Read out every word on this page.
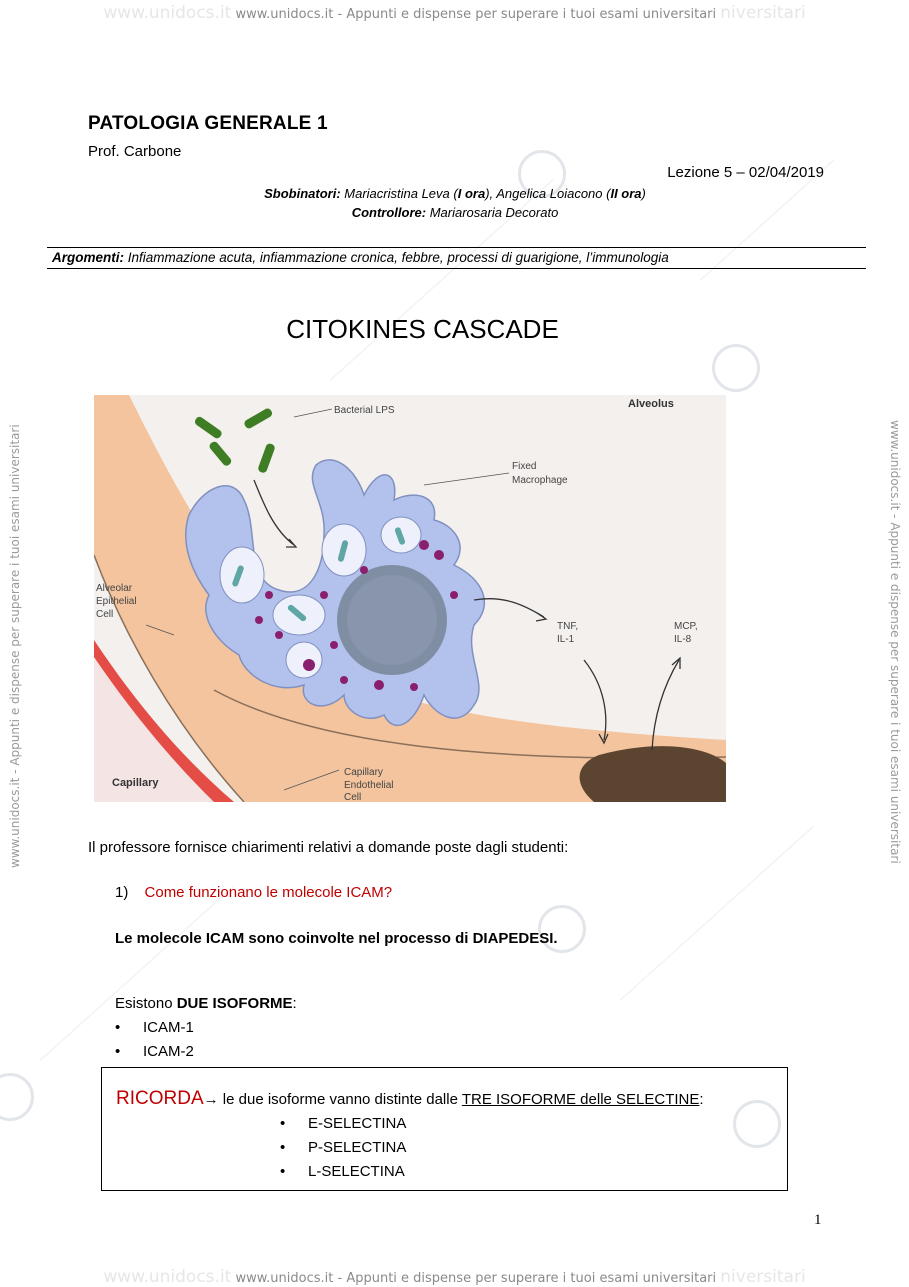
www.unidocs.it www.unidocs.it - Appunti e dispense per superare i tuoi esami universitari niversitari
www.unidocs.it www.unidocs.it - Appunti e dispense per superare i tuoi esami universitari niversitari
www.unidocs.it - Appunti e dispense per superare i tuoi esami universitari	www.unidocs.it - Appunti e dispense per superare i tuoi esami universitari
PATOLOGIA GENERALE 1
Prof. Carbone
Lezione 5 – 02/04/2019
Sbobinatori: Mariacristina Leva (I ora), Angelica Loiacono (II ora)
Controllore: Mariarosaria Decorato
Argomenti: Infiammazione acuta, infiammazione cronica, febbre, processi di guarigione, l’immunologia
CITOKINES CASCADE
Bacterial LPS
Alveolus
Fixed
Macrophage
Alveolar
Epithelial
Cell
TNF,
IL-1
MCP,
IL-8
Capillary
Capillary
Endothelial
Cell
Il professore fornisce chiarimenti relativi a domande poste dagli studenti:
1) Come funzionano le molecole ICAM?
Le molecole ICAM sono coinvolte nel processo di DIAPEDESI.
Esistono DUE ISOFORME:
• ICAM-1
• ICAM-2
RICORDA→ le due isoforme vanno distinte dalle TRE ISOFORME delle SELECTINE:
• E-SELECTINA
• P-SELECTINA
• L-SELECTINA
1
